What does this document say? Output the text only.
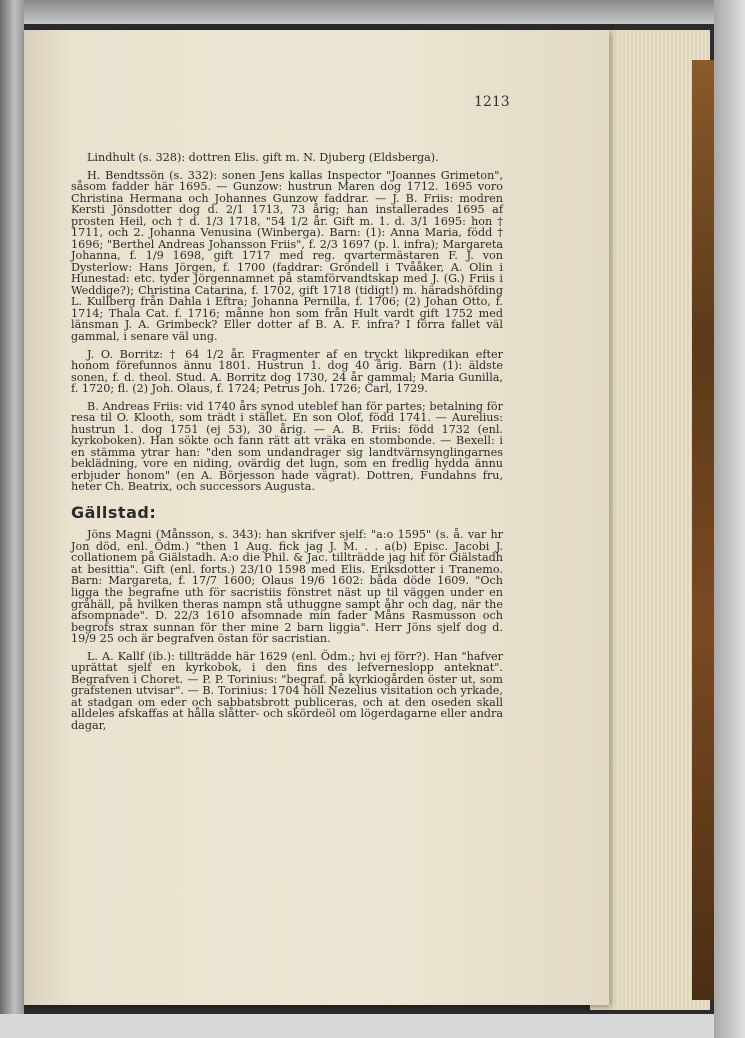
1213

Lindhult (s. 328): dottren Elis. gift m. N. Djuberg (Eldsberga).

H. Bendtssön (s. 332): sonen Jens kallas Inspector "Joannes Grimeton", såsom fadder här 1695. — Gunzow: hustrun Maren dog 1712. 1695 voro Christina Hermana och Johannes Gunzow faddrar. — J. B. Friis: modren Kersti Jönsdotter dog d. 2/1 1713, 73 årig; han installerades 1695 af prosten Heil, och † d. 1/3 1718, "54 1/2 år. Gift m. 1. d. 3/1 1695: hon † 1711, och 2. Johanna Venusina (Winberga). Barn: (1): Anna Maria, född † 1696; "Berthel Andreas Johansson Friis", f. 2/3 1697 (p. l. infra); Margareta Johanna, f. 1/9 1698, gift 1717 med reg. qvartermästaren F. J. von Dysterlow: Hans Jörgen, f. 1700 (faddrar: Gröndell i Tvååker, A. Olin i Hunestad: etc. tyder Jörgennamnet på stamförvandtskap med J. (G.) Friis i Weddige?); Christina Catarina, f. 1702, gift 1718 (tidigt!) m. häradshöfding L. Kullberg från Dahla i Eftra; Johanna Pernilla, f. 1706; (2) Johan Otto, f. 1714; Thala Cat. f. 1716; månne hon som från Hult vardt gift 1752 med länsman J. A. Grimbeck? Eller dotter af B. A. F. infra? I förra fallet väl gammal, i senare väl ung.

J. O. Borritz: † 64 1/2 år. Fragmenter af en tryckt likpredikan efter honom förefunnos ännu 1801. Hustrun 1. dog 40 årig. Barn (1): äldste sonen, f. d. theol. Stud. A. Borritz dog 1730, 24 år gammal; Maria Gunilla, f. 1720; fl. (2) Joh. Olaus, f. 1724; Petrus Joh. 1726; Carl, 1729.

B. Andreas Friis: vid 1740 års synod uteblef han för partes; betalning för resa til O. Klooth, som trädt i stället. En son Olof, född 1741. — Aurelius: hustrun 1. dog 1751 (ej 53), 30 årig. — A. B. Friis: född 1732 (enl. kyrkoboken). Han sökte och fann rätt att vräka en stombonde. — Bexell: i en stämma ytrar han: "den som undandrager sig landtvärnsynglingarnes beklädning, vore en niding, ovärdig det lugn, som en fredlig hydda ännu erbjuder honom" (en A. Börjesson hade vägrat). Dottren, Fundahns fru, heter Ch. Beatrix, och successors Augusta.

Gällstad:

Jöns Magni (Månsson, s. 343): han skrifver sjelf: "a:o 1595" (s. å. var hr Jon död, enl. Ödm.) "then 1 Aug. fick jag J. M. . . a(b) Episc. Jacobi J. collationem på Giälstadh. A:o die Phil. & Jac. tillträdde jag hit för Giälstadh at besittia". Gift (enl. forts.) 23/10 1598 med Elis. Eriksdotter i Tranemo. Barn: Margareta, f. 17/7 1600; Olaus 19/6 1602: båda döde 1609. "Och ligga the begrafne uth för sacristiis fönstret näst up til väggen under en gråhäll, på hvilken theras nampn stå uthuggne sampt åhr och dag, när the afsompnade". D. 22/3 1610 afsomnade min fader Måns Rasmusson och begrofs strax sunnan för ther mine 2 barn liggia". Herr Jöns sjelf dog d. 19/9 25 och är begrafven östan för sacristian.

L. A. Kallf (ib.): tillträdde här 1629 (enl. Ödm.; hvi ej förr?). Han "hafver uprättat sjelf en kyrkobok, i den fins des lefverneslopp anteknat". Begrafven i Choret. — P. P. Torinius: "begraf. på kyrkiogården öster ut, som grafstenen utvisar". — B. Torinius: 1704 höll Nezelius visitation och yrkade, at stadgan om eder och sabbatsbrott publiceras, och at den oseden skall alldeles afskaffas at hålla slåtter- och skördeöl om lögerdagarne eller andra dagar,
